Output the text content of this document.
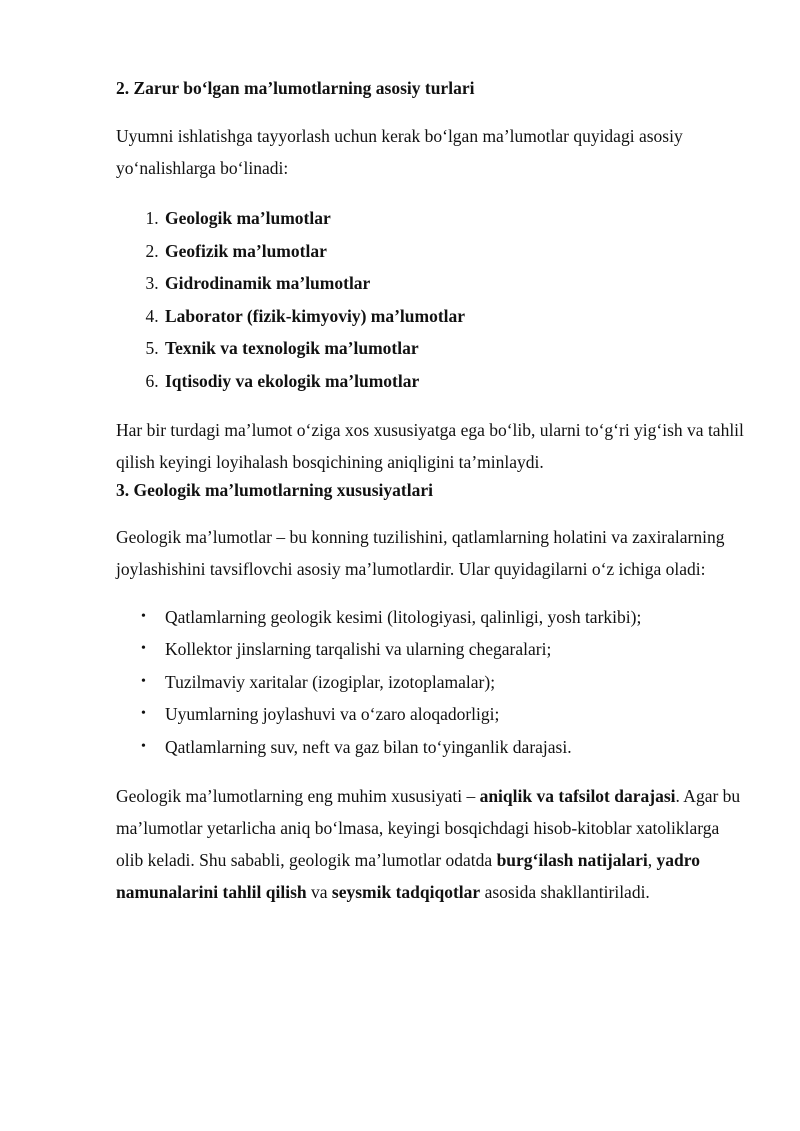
2. Zarur bo‘lgan ma’lumotlarning asosiy turlari

Uyumni ishlatishga tayyorlash uchun kerak bo‘lgan ma’lumotlar quyidagi asosiy yo‘nalishlarga bo‘linadi:

1. Geologik ma’lumotlar
2. Geofizik ma’lumotlar
3. Gidrodinamik ma’lumotlar
4. Laborator (fizik-kimyoviy) ma’lumotlar
5. Texnik va texnologik ma’lumotlar
6. Iqtisodiy va ekologik ma’lumotlar

Har bir turdagi ma’lumot o‘ziga xos xususiyatga ega bo‘lib, ularni to‘g‘ri yig‘ish va tahlil qilish keyingi loyihalash bosqichining aniqligini ta’minlaydi.

3. Geologik ma’lumotlarning xususiyatlari

Geologik ma’lumotlar – bu konning tuzilishini, qatlamlarning holatini va zaxiralarning joylashishini tavsiflovchi asosiy ma’lumotlardir. Ular quyidagilarni o‘z ichiga oladi:

• Qatlamlarning geologik kesimi (litologiyasi, qalinligi, yosh tarkibi);
• Kollektor jinslarning tarqalishi va ularning chegaralari;
• Tuzilmaviy xaritalar (izogiplar, izotoplamalar);
• Uyumlarning joylashuvi va o‘zaro aloqadorligi;
• Qatlamlarning suv, neft va gaz bilan to‘yinganlik darajasi.

Geologik ma’lumotlarning eng muhim xususiyati – aniqlik va tafsilot darajasi. Agar bu ma’lumotlar yetarlicha aniq bo‘lmasa, keyingi bosqichdagi hisob-kitoblar xatoliklarga olib keladi. Shu sababli, geologik ma’lumotlar odatda burg‘ilash natijalari, yadro namunalarini tahlil qilish va seysmik tadqiqotlar asosida shakllantiriladi.
